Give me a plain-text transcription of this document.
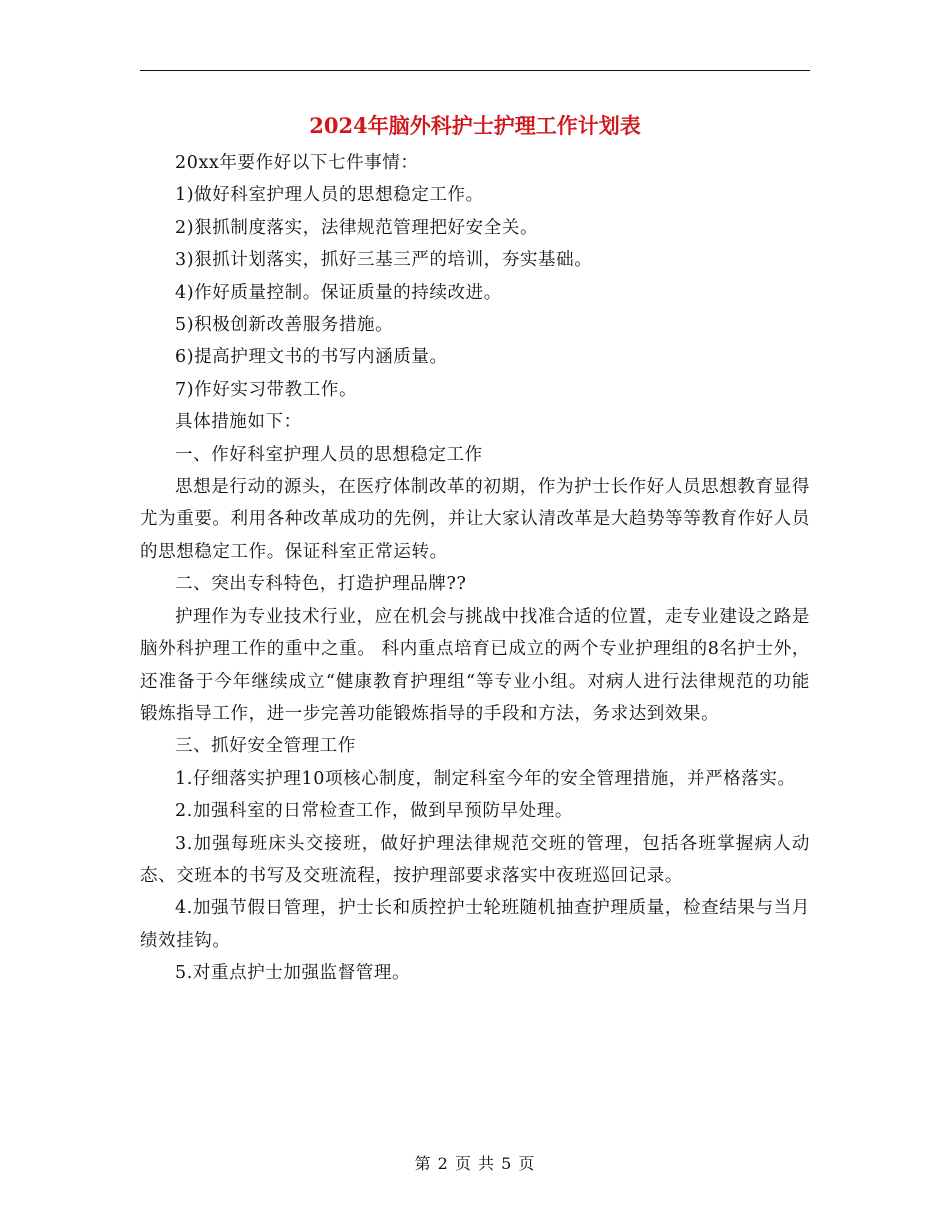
2024年脑外科护士护理工作计划表

20xx年要作好以下七件事情：

1)做好科室护理人员的思想稳定工作。

2)狠抓制度落实，法律规范管理把好安全关。

3)狠抓计划落实，抓好三基三严的培训，夯实基础。

4)作好质量控制。保证质量的持续改进。

5)积极创新改善服务措施。

6)提高护理文书的书写内涵质量。

7)作好实习带教工作。

具体措施如下：

一、作好科室护理人员的思想稳定工作

思想是行动的源头，在医疗体制改革的初期，作为护士长作好人员思想教育显得尤为重要。利用各种改革成功的先例，并让大家认清改革是大趋势等等教育作好人员的思想稳定工作。保证科室正常运转。

二、突出专科特色，打造护理品牌??

护理作为专业技术行业，应在机会与挑战中找准合适的位置，走专业建设之路是脑外科护理工作的重中之重。 科内重点培育已成立的两个专业护理组的8名护士外，还准备于今年继续成立“健康教育护理组“等专业小组。对病人进行法律规范的功能锻炼指导工作，进一步完善功能锻炼指导的手段和方法，务求达到效果。

三、抓好安全管理工作

1.仔细落实护理10项核心制度，制定科室今年的安全管理措施，并严格落实。

2.加强科室的日常检查工作，做到早预防早处理。

3.加强每班床头交接班，做好护理法律规范交班的管理，包括各班掌握病人动态、交班本的书写及交班流程，按护理部要求落实中夜班巡回记录。

4.加强节假日管理，护士长和质控护士轮班随机抽查护理质量，检查结果与当月绩效挂钩。

5.对重点护士加强监督管理。

第 2 页 共 5 页
